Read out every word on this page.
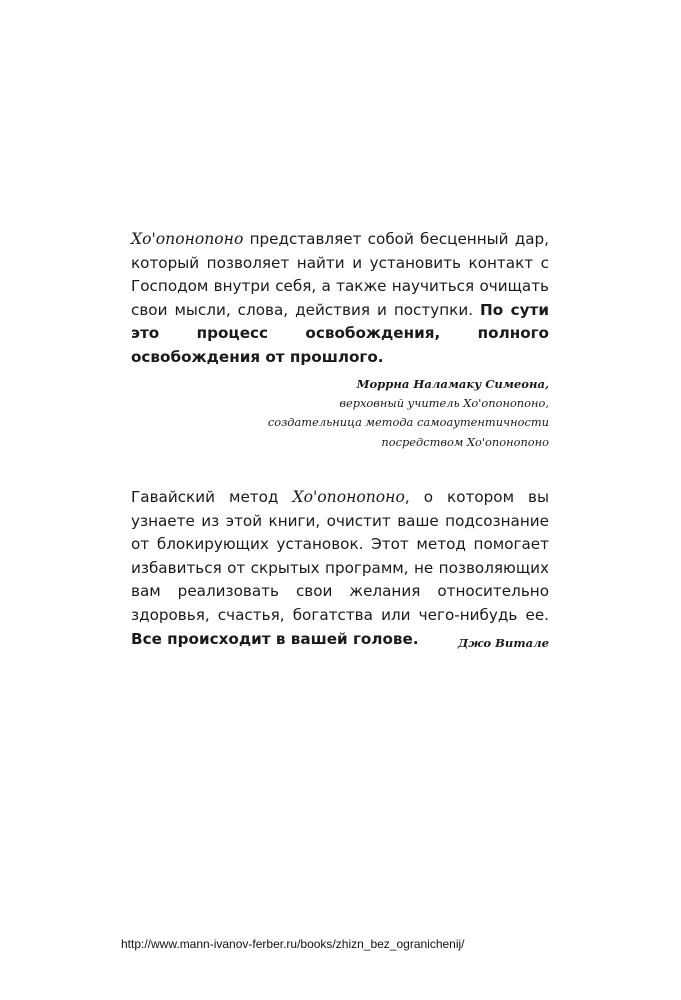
Хо'опонопоно представляет собой бесценный дар, который позволяет найти и установить контакт с Господом внутри себя, а также научиться очищать свои мысли, слова, действия и поступки. По сути это процесс освобождения, полного освобождения от прошлого.

Моррна Наламаку Симеона,
верховный учитель Хо'опонопоно,
создательница метода самоаутентичности
посредством Хо'опонопоно

Гавайский метод Хо'опонопоно, о котором вы узнаете из этой книги, очистит ваше подсознание от блокирующих установок. Этот метод помогает избавиться от скрытых программ, не позволяющих вам реализовать свои желания относительно здоровья, счастья, богатства или чего-нибудь ее. Все происходит в вашей голове.	Джо Витале
http://www.mann-ivanov-ferber.ru/books/zhizn_bez_ogranichenij/
